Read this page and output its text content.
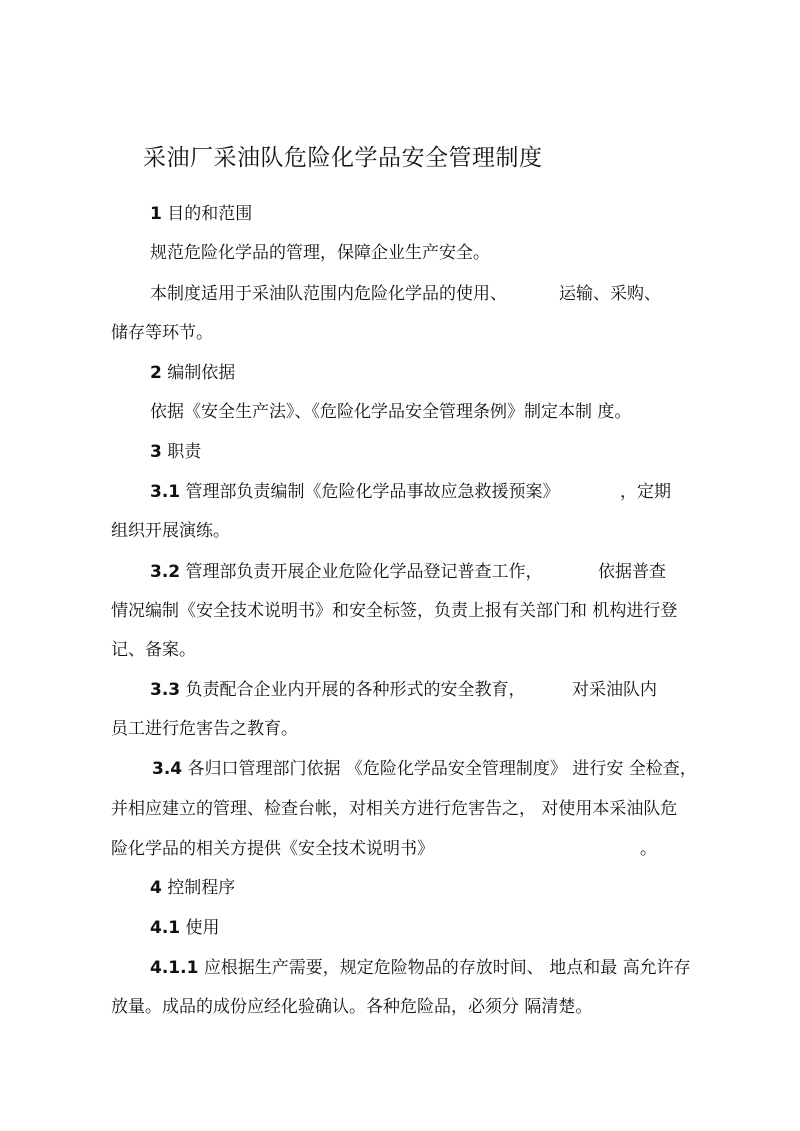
采油厂采油队危险化学品安全管理制度
1 目的和范围
规范危险化学品的管理，保障企业生产安全。
本制度适用于采油队范围内危险化学品的使用、	运输、采购、
储存等环节。
2 编制依据
依据《安全生产法》、《危险化学品安全管理条例》制定本制 度。
3 职责
3.1 管理部负责编制《危险化学品事故应急救援预案》	，定期
组织开展演练。
3.2 管理部负责开展企业危险化学品登记普查工作，	依据普查
情况编制《安全技术说明书》和安全标签，负责上报有关部门和 机构进行登
记、备案。
3.3 负责配合企业内开展的各种形式的安全教育，	对采油队内
员工进行危害告之教育。
3.4 各归口管理部门依据 《危险化学品安全管理制度》 进行安 全检查，
并相应建立的管理、检查台帐，对相关方进行危害告之， 对使用本采油队危
险化学品的相关方提供《安全技术说明书》	。
4 控制程序
4.1 使用
4.1.1 应根据生产需要，规定危险物品的存放时间、 地点和最 高允许存
放量。成品的成份应经化验确认。各种危险品，必须分 隔清楚。
